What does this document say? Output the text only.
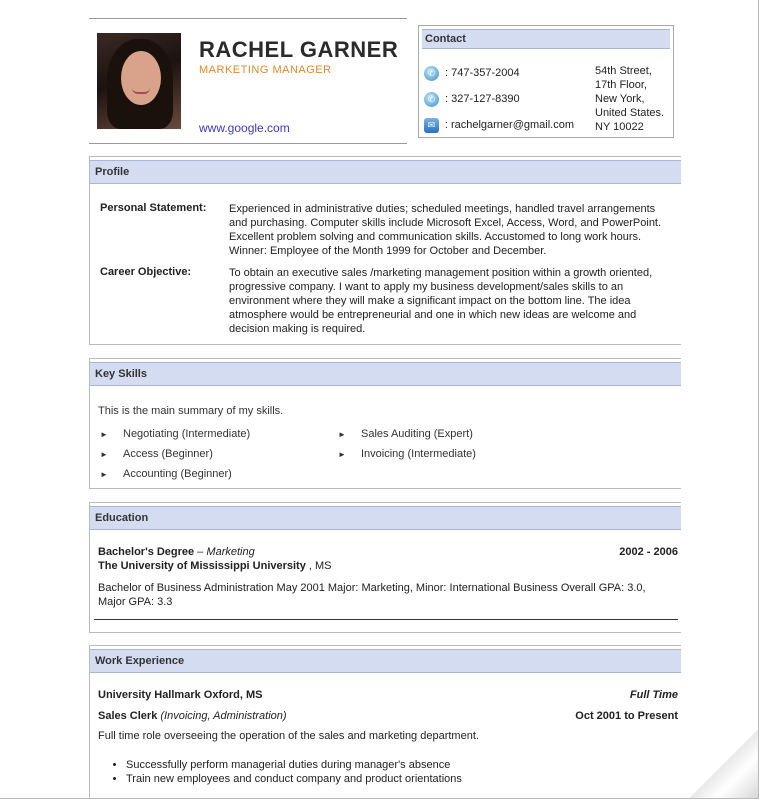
RACHEL GARNER
MARKETING MANAGER
www.google.com
Contact
✆ : 747-357-2004
✆ : 327-127-8390
✉ : rachelgarner@gmail.com
54th Street,
17th Floor,
New York,
United States.
NY 10022
Profile
Personal Statement:	Experienced in administrative duties; scheduled meetings, handled travel arrangements and purchasing. Computer skills include Microsoft Excel, Access, Word, and PowerPoint. Excellent problem solving and communication skills. Accustomed to long work hours. Winner: Employee of the Month 1999 for October and December.
Career Objective:	To obtain an executive sales /marketing management position within a growth oriented, progressive company. I want to apply my business development/sales skills to an environment where they will make a significant impact on the bottom line. The idea atmosphere would be entrepreneurial and one in which new ideas are welcome and decision making is required.
Key Skills
This is the main summary of my skills.
► Negotiating (Intermediate)
► Access (Beginner)
► Accounting (Beginner)
► Sales Auditing (Expert)
► Invoicing (Intermediate)
Education
Bachelor's Degree – Marketing	2002 - 2006
The University of Mississippi University , MS
Bachelor of Business Administration May 2001 Major: Marketing, Minor: International Business Overall GPA: 3.0, Major GPA: 3.3
Work Experience
University Hallmark Oxford, MS	Full Time
Sales Clerk (Invoicing, Administration)	Oct 2001 to Present
Full time role overseeing the operation of the sales and marketing department.
• Successfully perform managerial duties during manager's absence
• Train new employees and conduct company and product orientations
